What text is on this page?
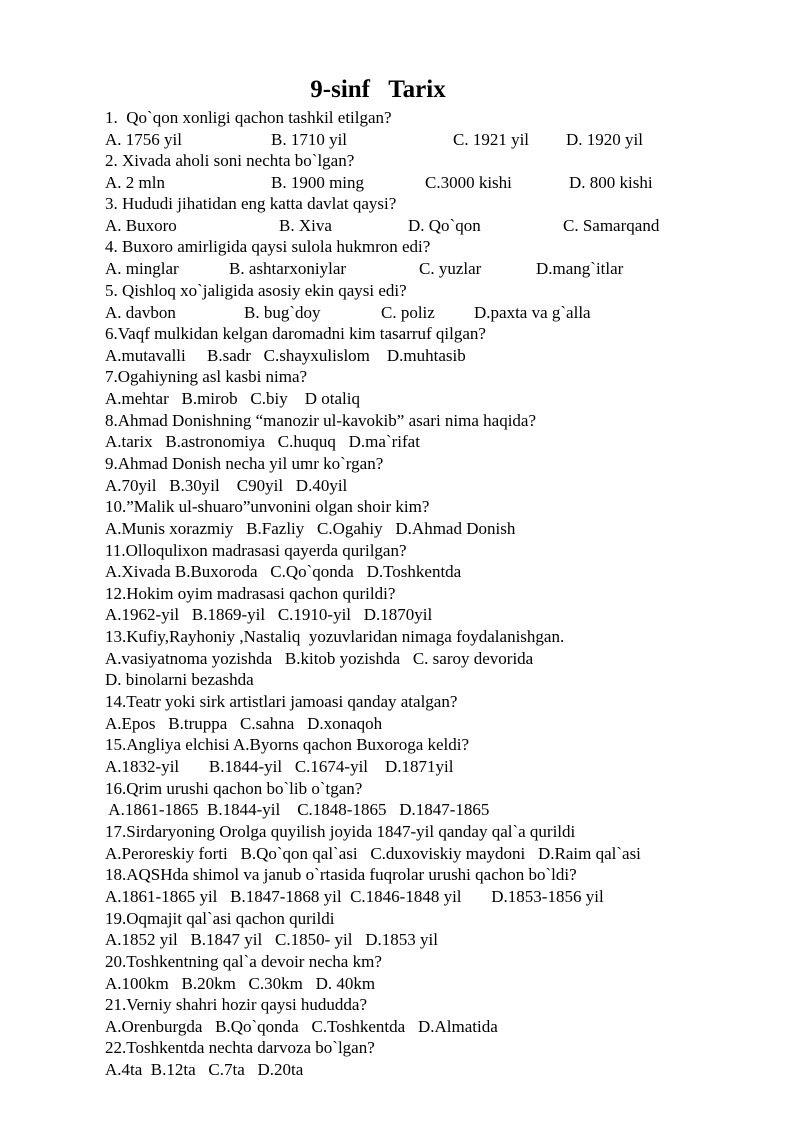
9-sinf   Tarix
1.  Qo`qon xonligi qachon tashkil etilgan?
A. 1756 yil	B. 1710 yil	C. 1921 yil D. 1920 yil
2. Xivada aholi soni nechta bo`lgan?
A. 2 mln	B. 1900 ming	C.3000 kishi	D. 800 kishi
3. Hududi jihatidan eng katta davlat qaysi?
A. Buxoro	B. Xiva	D. Qo`qon	C. Samarqand
4. Buxoro amirligida qaysi sulola hukmron edi?
A. minglar	B. ashtarxoniylar	C. yuzlar	D.mang`itlar
5. Qishloq xo`jaligida asosiy ekin qaysi edi?
A. davbon	B. bug`doy	C. poliz D.paxta va g`alla
6.Vaqf mulkidan kelgan daromadni kim tasarruf qilgan?
A.mutavalli     B.sadr   C.shayxulislom    D.muhtasib
7.Ogahiyning asl kasbi nima?
A.mehtar   B.mirob   C.biy    D otaliq
8.Ahmad Donishning “manozir ul-kavokib” asari nima haqida?
A.tarix   B.astronomiya   C.huquq   D.ma`rifat
9.Ahmad Donish necha yil umr ko`rgan?
A.70yil   B.30yil    C90yil   D.40yil
10.”Malik ul-shuaro”unvonini olgan shoir kim?
A.Munis xorazmiy   B.Fazliy   C.Ogahiy   D.Ahmad Donish
11.Olloqulixon madrasasi qayerda qurilgan?
A.Xivada B.Buxoroda   C.Qo`qonda   D.Toshkentda
12.Hokim oyim madrasasi qachon qurildi?
A.1962-yil   B.1869-yil   C.1910-yil   D.1870yil
13.Kufiy,Rayhoniy ,Nastaliq  yozuvlaridan nimaga foydalanishgan.
A.vasiyatnoma yozishda   B.kitob yozishda   C. saroy devorida
D. binolarni bezashda
14.Teatr yoki sirk artistlari jamoasi qanday atalgan?
A.Epos   B.truppa   C.sahna   D.xonaqoh
15.Angliya elchisi A.Byorns qachon Buxoroga keldi?
A.1832-yil       B.1844-yil   C.1674-yil    D.1871yil
16.Qrim urushi qachon bo`lib o`tgan?
A.1861-1865  B.1844-yil    C.1848-1865   D.1847-1865
17.Sirdaryoning Orolga quyilish joyida 1847-yil qanday qal`a qurildi
A.Peroreskiy forti   B.Qo`qon qal`asi   C.duxoviskiy maydoni   D.Raim qal`asi
18.AQSHda shimol va janub o`rtasida fuqrolar urushi qachon bo`ldi?
A.1861-1865 yil   B.1847-1868 yil  C.1846-1848 yil       D.1853-1856 yil
19.Oqmajit qal`asi qachon qurildi
A.1852 yil   B.1847 yil   C.1850- yil   D.1853 yil
20.Toshkentning qal`a devoir necha km?
A.100km   B.20km   C.30km   D. 40km
21.Verniy shahri hozir qaysi hududda?
A.Orenburgda   B.Qo`qonda   C.Toshkentda   D.Almatida
22.Toshkentda nechta darvoza bo`lgan?
A.4ta  B.12ta   C.7ta   D.20ta
